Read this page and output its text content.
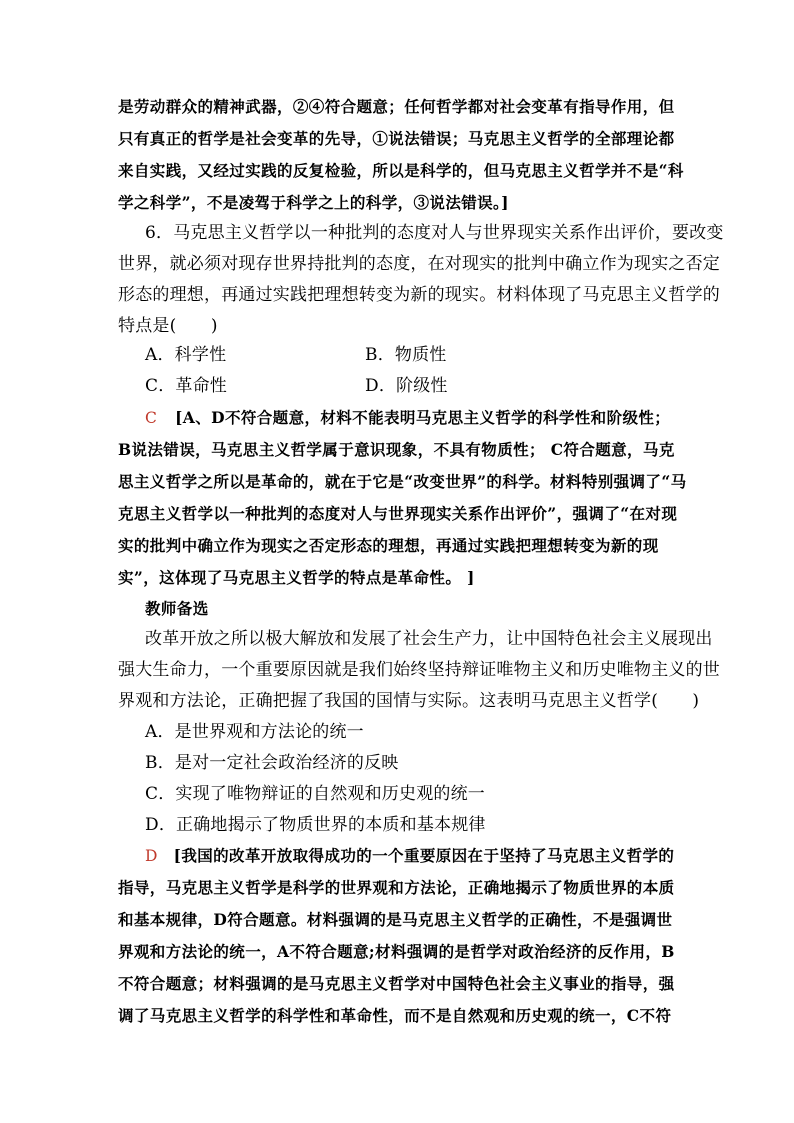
是劳动群众的精神武器，②④符合题意；任何哲学都对社会变革有指导作用，但
只有真正的哲学是社会变革的先导，①说法错误；马克思主义哲学的全部理论都
来自实践，又经过实践的反复检验，所以是科学的，但马克思主义哲学并不是“科
学之科学”，不是凌驾于科学之上的科学，③说法错误。]
6．马克思主义哲学以一种批判的态度对人与世界现实关系作出评价，要改变
世界，就必须对现存世界持批判的态度，在对现实的批判中确立作为现实之否定
形态的理想，再通过实践把理想转变为新的现实。材料体现了马克思主义哲学的
特点是(　　)
A．科学性	B．物质性
C．革命性	D．阶级性
C [A、D不符合题意，材料不能表明马克思主义哲学的科学性和阶级性；
B说法错误，马克思主义哲学属于意识现象，不具有物质性； C符合题意，马克
思主义哲学之所以是革命的，就在于它是“改变世界”的科学。材料特别强调了“马
克思主义哲学以一种批判的态度对人与世界现实关系作出评价”，强调了“在对现
实的批判中确立作为现实之否定形态的理想，再通过实践把理想转变为新的现
实”，这体现了马克思主义哲学的特点是革命性。 ]
教师备选
改革开放之所以极大解放和发展了社会生产力，让中国特色社会主义展现出
强大生命力，一个重要原因就是我们始终坚持辩证唯物主义和历史唯物主义的世
界观和方法论，正确把握了我国的国情与实际。这表明马克思主义哲学(　　)
A．是世界观和方法论的统一
B．是对一定社会政治经济的反映
C．实现了唯物辩证的自然观和历史观的统一
D．正确地揭示了物质世界的本质和基本规律
D [我国的改革开放取得成功的一个重要原因在于坚持了马克思主义哲学的
指导，马克思主义哲学是科学的世界观和方法论，正确地揭示了物质世界的本质
和基本规律，D符合题意。材料强调的是马克思主义哲学的正确性，不是强调世
界观和方法论的统一，A不符合题意;材料强调的是哲学对政治经济的反作用，B
不符合题意；材料强调的是马克思主义哲学对中国特色社会主义事业的指导，强
调了马克思主义哲学的科学性和革命性，而不是自然观和历史观的统一，C不符
